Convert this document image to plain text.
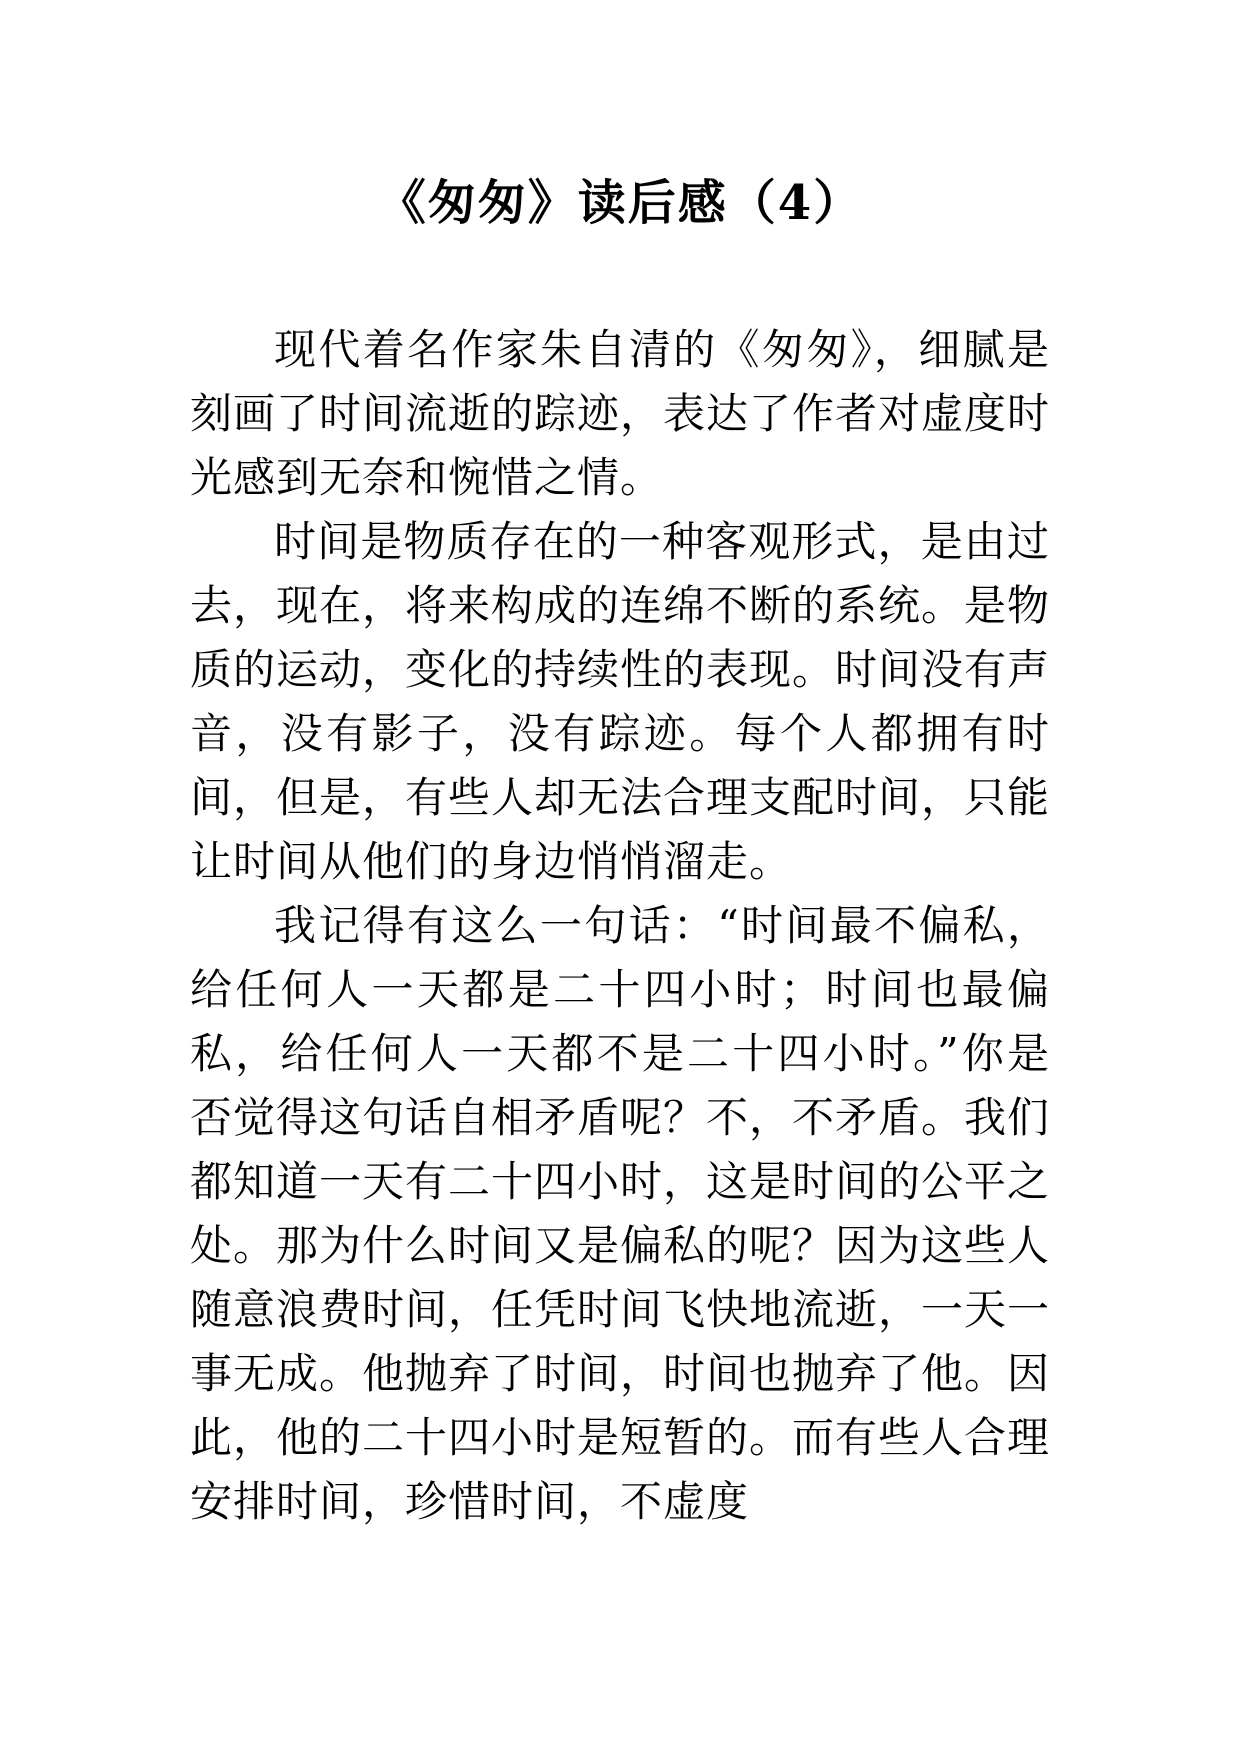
《匆匆》读后感（4）

现代着名作家朱自清的《匆匆》，细腻是刻画了时间流逝的踪迹，表达了作者对虚度时光感到无奈和惋惜之情。

时间是物质存在的一种客观形式，是由过去，现在，将来构成的连绵不断的系统。是物质的运动，变化的持续性的表现。时间没有声音，没有影子，没有踪迹。每个人都拥有时间，但是，有些人却无法合理支配时间，只能让时间从他们的身边悄悄溜走。

我记得有这么一句话：“时间最不偏私，给任何人一天都是二十四小时；时间也最偏私，给任何人一天都不是二十四小时。”你是否觉得这句话自相矛盾呢？不，不矛盾。我们都知道一天有二十四小时，这是时间的公平之处。那为什么时间又是偏私的呢？因为这些人随意浪费时间，任凭时间飞快地流逝，一天一事无成。他抛弃了时间，时间也抛弃了他。因此，他的二十四小时是短暂的。而有些人合理安排时间，珍惜时间，不虚度
